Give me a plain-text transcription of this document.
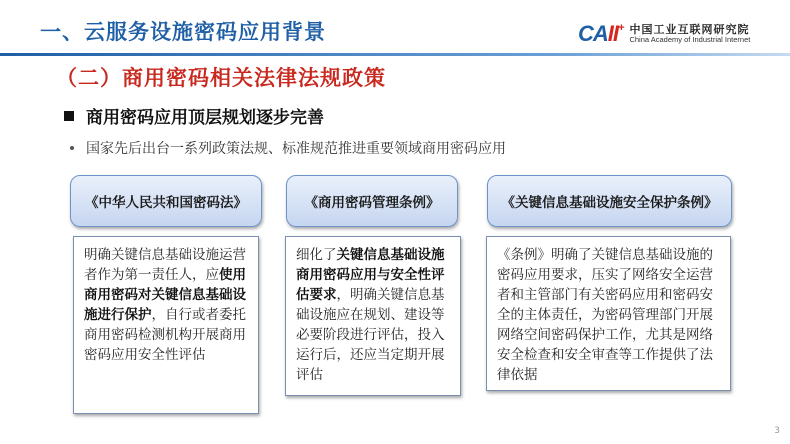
一、云服务设施密码应用背景	CAII+ 中国工业互联网研究院
China Academy of Industrial Internet
（二）商用密码相关法律法规政策
商用密码应用顶层规划逐步完善
国家先后出台一系列政策法规、标准规范推进重要领域商用密码应用
《中华人民共和国密码法》	《商用密码管理条例》	《关键信息基础设施安全保护条例》
明确关键信息基础设施运营者作为第一责任人，应使用商用密码对关键信息基础设施进行保护，自行或者委托商用密码检测机构开展商用密码应用安全性评估
细化了关键信息基础设施商用密码应用与安全性评估要求，明确关键信息基础设施应在规划、建设等必要阶段进行评估，投入运行后，还应当定期开展评估
《条例》明确了关键信息基础设施的密码应用要求，压实了网络安全运营者和主管部门有关密码应用和密码安全的主体责任，为密码管理部门开展网络空间密码保护工作，尤其是网络安全检查和安全审查等工作提供了法律依据
3
